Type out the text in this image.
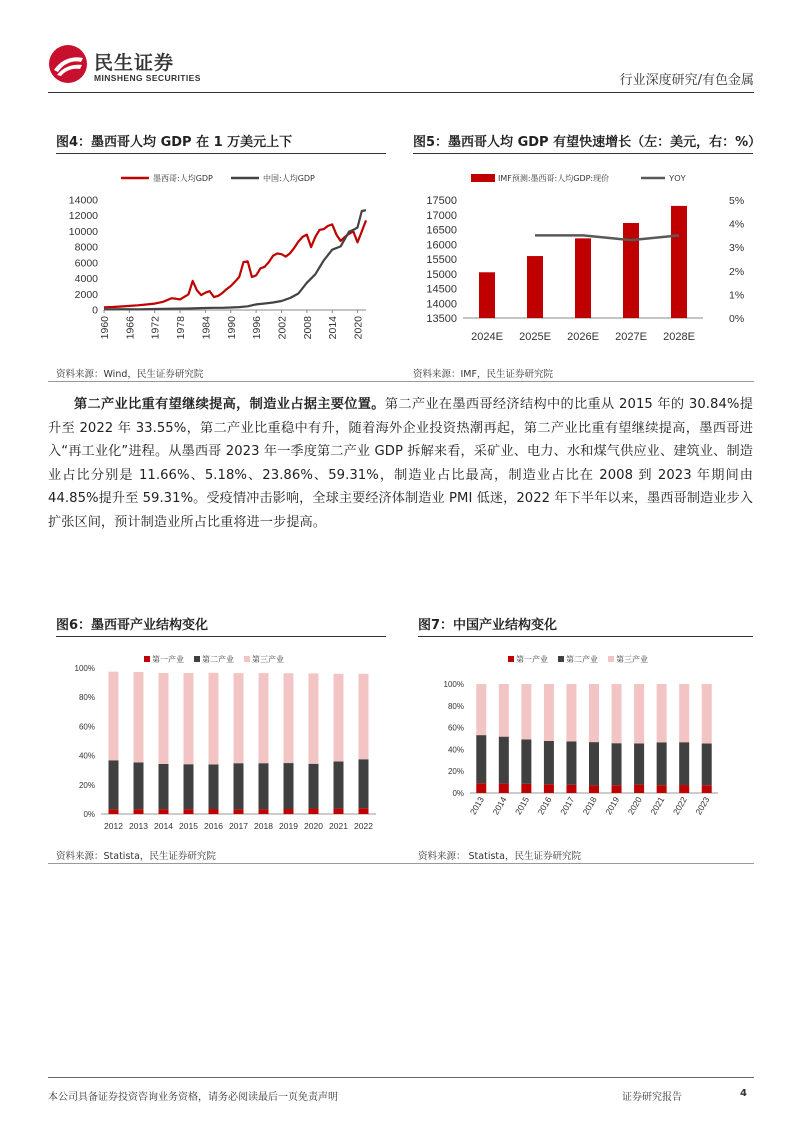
民生证券
MINSHENG SECURITIES	行业深度研究/有色金属
图4：墨西哥人均 GDP 在 1 万美元上下
墨西哥:人均GDP	中国:人均GDP
0
2000
4000
6000
8000
10000
12000
14000
1960 1966 1972 1978 1984 1990 1996 2002 2008 2014 2020
资料来源：Wind，民生证券研究院
图5：墨西哥人均 GDP 有望快速增长（左：美元，右：%）
IMF预测:墨西哥:人均GDP:现价	YOY
13500
14000
14500
15000
15500
16000
16500
17000
17500
0%
1%
2%
3%
4%
5%
2024E 2025E 2026E 2027E 2028E
资料来源：IMF，民生证券研究院
第二产业比重有望继续提高，制造业占据主要位置。第二产业在墨西哥经济结构中的比重从 2015 年的 30.84%提升至 2022 年 33.55%，第二产业比重稳中有升，随着海外企业投资热潮再起，第二产业比重有望继续提高，墨西哥进入“再工业化”进程。从墨西哥 2023 年一季度第二产业 GDP 拆解来看，采矿业、电力、水和煤气供应业、建筑业、制造业占比分别是 11.66%、5.18%、23.86%、59.31%，制造业占比最高，制造业占比在 2008 到 2023 年期间由 44.85%提升至 59.31%。受疫情冲击影响，全球主要经济体制造业 PMI 低迷，2022 年下半年以来，墨西哥制造业步入扩张区间，预计制造业所占比重将进一步提高。
图6：墨西哥产业结构变化
第一产业 第二产业 第三产业
0%
20%
40%
60%
80%
100%
2012 2013 2014 2015 2016 2017 2018 2019 2020 2021 2022
资料来源：Statista，民生证券研究院
图7：中国产业结构变化
第一产业 第二产业 第三产业
0%
20%
40%
60%
80%
100%
2013 2014 2015 2016 2017 2018 2019 2020 2021 2022 2023
资料来源： Statista，民生证券研究院
本公司具备证券投资咨询业务资格，请务必阅读最后一页免责声明	证券研究报告	4
